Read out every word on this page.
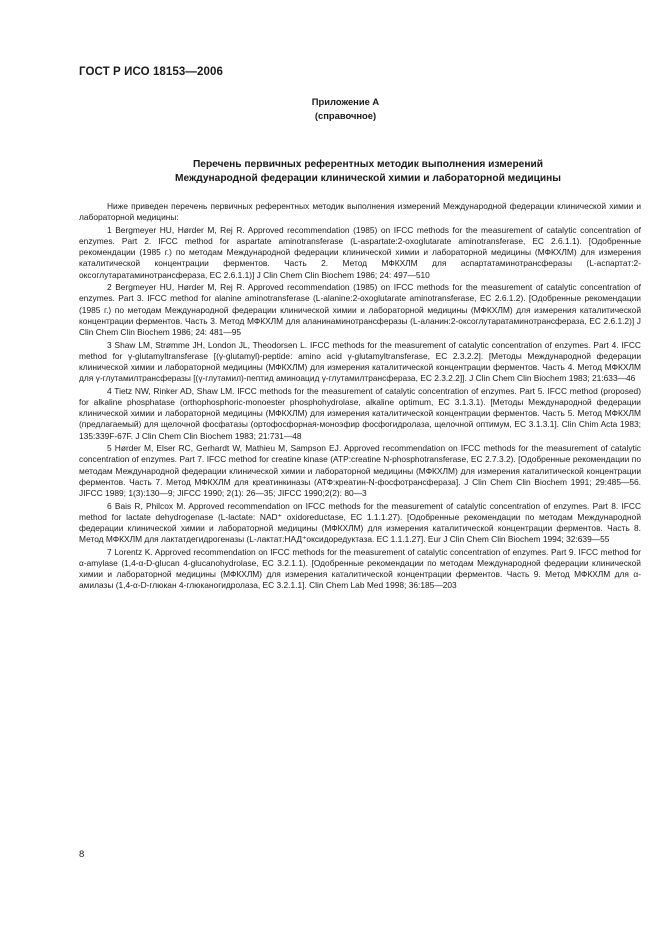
ГОСТ Р ИСО 18153—2006
Приложение А
(справочное)
Перечень первичных референтных методик выполнения измерений
Международной федерации клинической химии и лабораторной медицины

Ниже приведен перечень первичных референтных методик выполнения измерений Международной федерации клинической химии и лабораторной медицины:

1 Bergmeyer HU, Hørder M, Rej R. Approved recommendation (1985) on IFCC methods for the measurement of catalytic concentration of enzymes. Part 2. IFCC method for aspartate aminotransferase (L-aspartate:2-oxoglutarate aminotransferase, EC 2.6.1.1). [Одобренные рекомендации (1985 г.) по методам Международной федерации клинической химии и лабораторной медицины (МФКХЛМ) для измерения каталитической концентрации ферментов. Часть 2. Метод МФКХЛМ для аспартатаминотрансферазы (L-аспартат:2-оксоглутаратаминотрансфераза, ЕС 2.6.1.1)] J Clin Chem Clin Biochem 1986; 24: 497—510

2 Bergmeyer HU, Hørder M, Rej R. Approved recommendation (1985) on IFCC methods for the measurement of catalytic concentration of enzymes. Part 3. IFCC method for alanine aminotransferase (L-alanine:2-oxoglutarate aminotransferase, EC 2.6.1.2). [Одобренные рекомендации (1985 г.) по методам Международной федерации клинической химии и лабораторной медицины (МФКХЛМ) для измерения каталитической концентрации ферментов. Часть 3. Метод МФКХЛМ для аланинаминотрансферазы (L-аланин:2-оксоглутаратаминотрансфераза, ЕС 2.6.1.2)] J Clin Chem Clin Biochem 1986; 24: 481—95

3 Shaw LM, Strømme JH, London JL, Theodorsen L. IFCC methods for the measurement of catalytic concentration of enzymes. Part 4. IFCC method for γ-glutamyltransferase [(γ-glutamyl)-peptide: amino acid γ-glutamyltransferase, EC 2.3.2.2]. [Методы Международной федерации клинической химии и лабораторной медицины (МФКХЛМ) для измерения каталитической концентрации ферментов. Часть 4. Метод МФКХЛМ для γ-глутамилтрансферазы [(γ-глутамил)-пептид аминоацид γ-глутамилтрансфераза, ЕС 2.3.2.2]]. J Clin Chem Clin Biochem 1983; 21:633—46

4 Tietz NW, Rinker AD, Shaw LM. IFCC methods for the measurement of catalytic concentration of enzymes. Part 5. IFCC method (proposed) for alkaline phosphatase (orthophosphoric-monoester phosphohydrolase, alkaline optimum, EC 3.1.3.1). [Методы Международной федерации клинической химии и лабораторной медицины (МФКХЛМ) для измерения каталитической концентрации ферментов. Часть 5. Метод МФКХЛМ (предлагаемый) для щелочной фосфатазы (ортофосфорная-моноэфир фосфогидролаза, щелочной оптимум, ЕС 3.1.3.1]. Clin Chim Acta 1983; 135:339F-67F. J Clin Chem Clin Biochem 1983; 21:731—48

5 Hørder M, Elser RC, Gerhardt W, Mathieu M, Sampson EJ. Approved recommendation on IFCC methods for the measurement of catalytic concentration of enzymes. Part 7. IFCC method for creatine kinase (ATP:creatine N-phosphotransferase, EC 2.7.3.2). [Одобренные рекомендации по методам Международной федерации клинической химии и лабораторной медицины (МФКХЛМ) для измерения каталитической концентрации ферментов. Часть 7. Метод МФКХЛМ для креатинкиназы (АТФ:креатин-N-фосфотрансфераза]. J Clin Chem Clin Biochem 1991; 29:485—56. JIFCC 1989; 1(3):130—9; JIFCC 1990; 2(1): 26—35; JIFCC 1990;2(2): 80—3

6 Bais R, Philcox M. Approved recommendation on IFCC methods for the measurement of catalytic concentration of enzymes. Part 8. IFCC method for lactate dehydrogenase (L-lactate: NAD⁺ oxidoreductase, EC 1.1.1.27). [Одобренные рекомендации по методам Международной федерации клинической химии и лабораторной медицины (МФКХЛМ) для измерения каталитической концентрации ферментов. Часть 8. Метод МФКХЛМ для лактатдегидрогеназы (L-лактат:НАД⁺оксидоредуктаза. ЕС 1.1.1.27]. Eur J Clin Chem Clin Biochem 1994; 32:639—55

7 Lorentz K. Approved recommendation on IFCC methods for the measurement of catalytic concentration of enzymes. Part 9. IFCC method for α-amylase (1,4-α-D-glucan 4-glucanohydrolase, EC 3.2.1.1). [Одобренные рекомендации по методам Международной федерации клинической химии и лабораторной медицины (МФКХЛМ) для измерения каталитической концентрации ферментов. Часть 9. Метод МФКХЛМ для α-амилазы (1,4-α-D-глюкан 4-глюканогидролаза, ЕС 3.2.1.1]. Clin Chem Lab Med 1998; 36:185—203

8
